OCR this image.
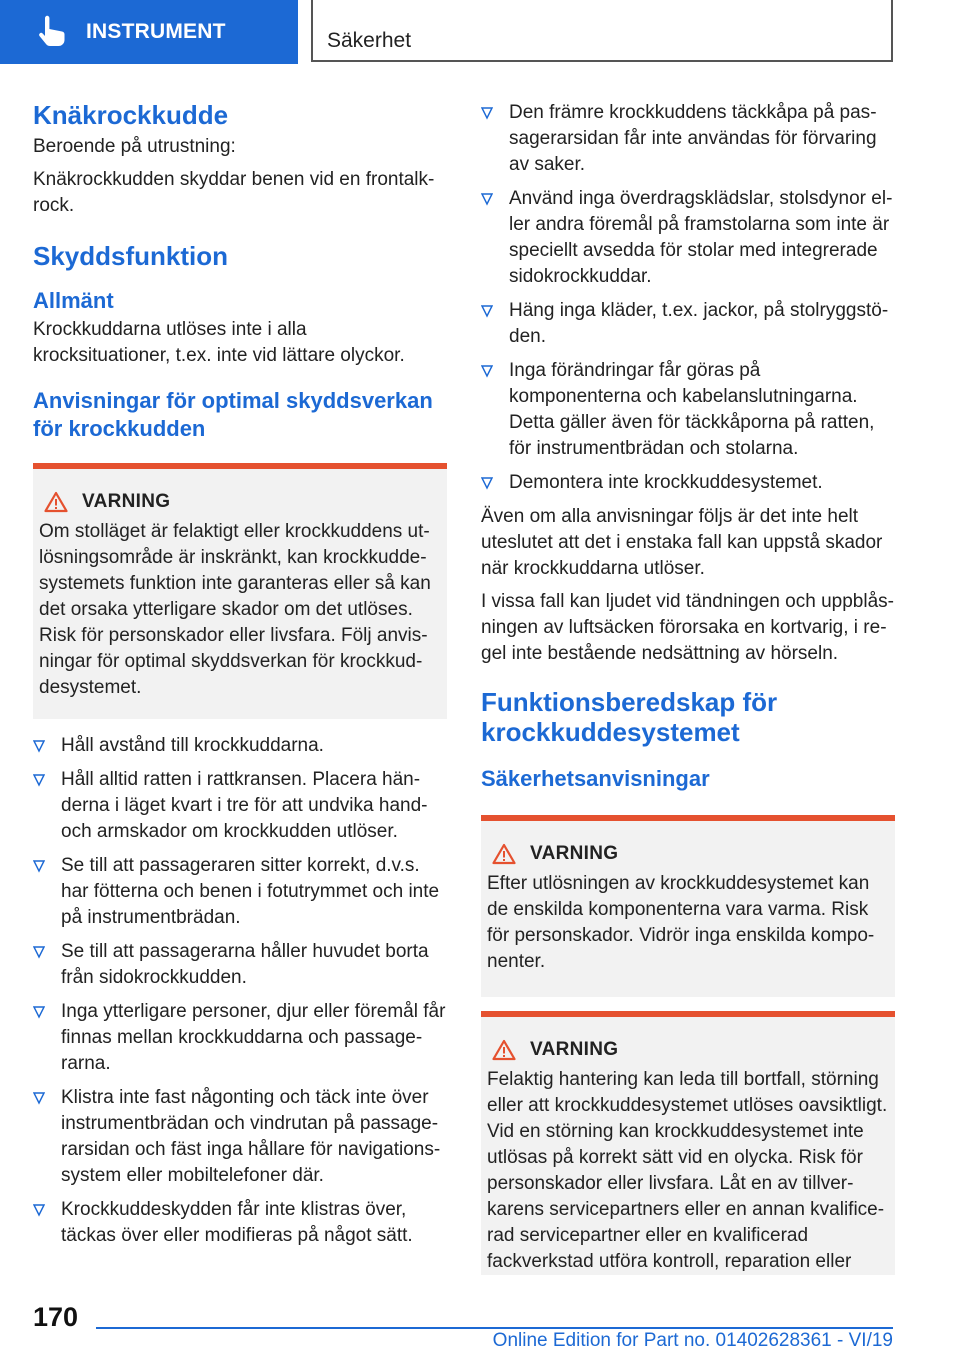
INSTRUMENT	Säkerhet
Knäkrockkudde

Beroende på utrustning:

Knäkrockkudden skyddar benen vid en frontalkrock.

Skyddsfunktion
Allmänt

Krockkuddarna utlöses inte i alla krocksituationer, t.ex. inte vid lättare olyckor.

Anvisningar för optimal skyddsverkan för krockkudden
VARNING

Om stolläget är felaktigt eller krockkuddens utlösningsområde är inskränkt, kan krockkuddesystemets funktion inte garanteras eller så kan det orsaka ytterligare skador om det utlöses. Risk för personskador eller livsfara. Följ anvisningar för optimal skyddsverkan för krockkuddesystemet.

Håll avstånd till krockkuddarna.
Håll alltid ratten i rattkransen. Placera händerna i läget kvart i tre för att undvika hand- och armskador om krockkudden utlöser.
Se till att passageraren sitter korrekt, d.v.s. har fötterna och benen i fotutrymmet och inte på instrumentbrädan.
Se till att passagerarna håller huvudet borta från sidokrockkudden.
Inga ytterligare personer, djur eller föremål får finnas mellan krockkuddarna och passagerarna.
Klistra inte fast någonting och täck inte över instrumentbrädan och vindrutan på passagerarsidan och fäst inga hållare för navigationssystem eller mobiltelefoner där.
Krockkuddeskydden får inte klistras över, täckas över eller modifieras på något sätt.
Den främre krockkuddens täckkåpa på passagerarsidan får inte användas för förvaring av saker.
Använd inga överdragsklädslar, stolsdynor eller andra föremål på framstolarna som inte är speciellt avsedda för stolar med integrerade sidokrockkuddar.
Häng inga kläder, t.ex. jackor, på stolryggstöden.
Inga förändringar får göras på komponenterna och kabelanslutningarna. Detta gäller även för täckkåporna på ratten, för instrumentbrädan och stolarna.
Demontera inte krockkuddesystemet.

Även om alla anvisningar följs är det inte helt uteslutet att det i enstaka fall kan uppstå skador när krockkuddarna utlöser.

I vissa fall kan ljudet vid tändningen och uppblåsningen av luftsäcken förorsaka en kortvarig, i regel inte bestående nedsättning av hörseln.

Funktionsberedskap för krockkuddesystemet
Säkerhetsanvisningar
VARNING

Efter utlösningen av krockkuddesystemet kan de enskilda komponenterna vara varma. Risk för personskador. Vidrör inga enskilda komponenter.

VARNING

Felaktig hantering kan leda till bortfall, störning eller att krockkuddesystemet utlöses oavsiktligt. Vid en störning kan krockkuddesystemet inte utlösas på korrekt sätt vid en olycka. Risk för personskador eller livsfara. Låt en av tillverkarens servicepartners eller en annan kvalificerad servicepartner eller en kvalificerad fackverkstad utföra kontroll, reparation eller

170
Online Edition for Part no. 01402628361 - VI/19
